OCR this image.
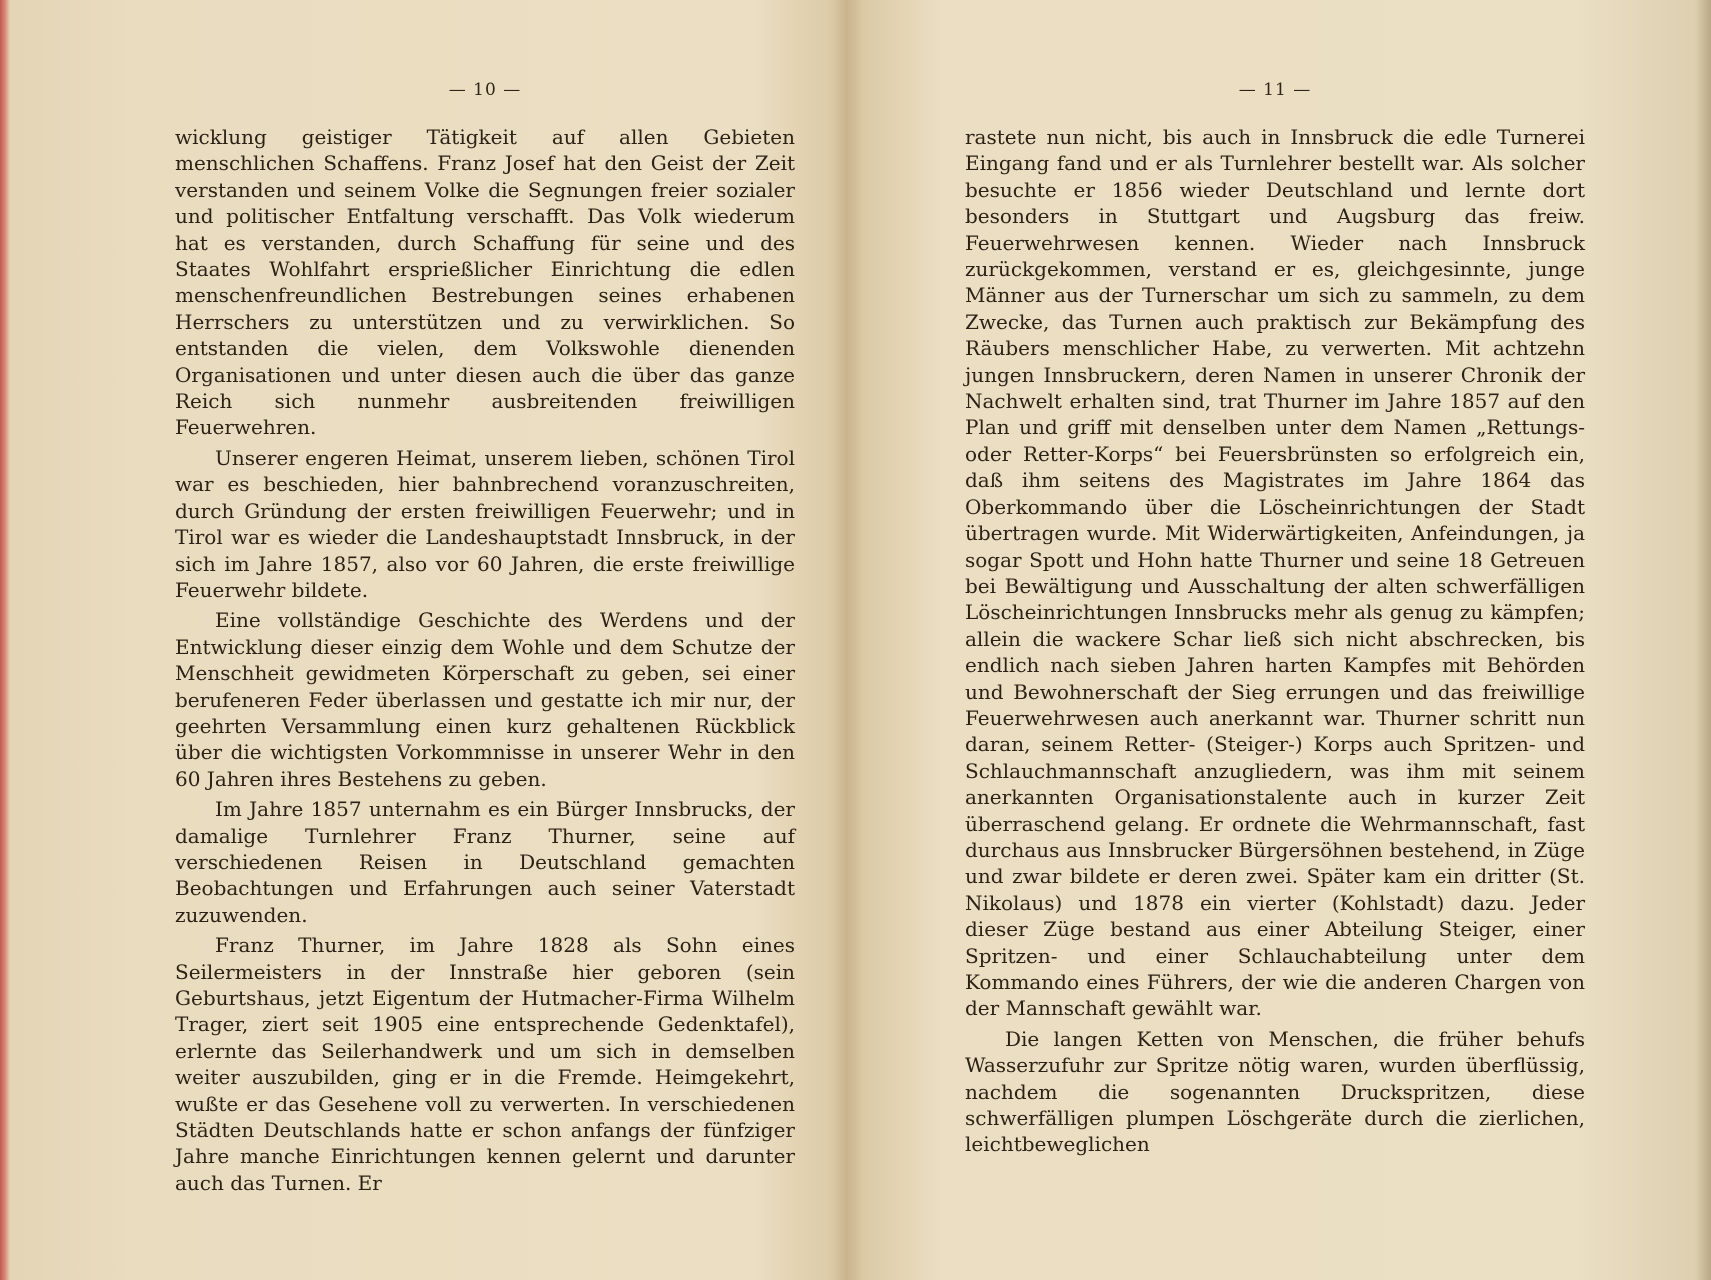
— 10 —

wicklung geistiger Tätigkeit auf allen Gebieten menschlichen Schaffens. Franz Josef hat den Geist der Zeit verstanden und seinem Volke die Segnungen freier sozialer und politischer Entfaltung verschafft. Das Volk wiederum hat es verstanden, durch Schaffung für seine und des Staates Wohlfahrt ersprießlicher Einrichtung die edlen menschenfreundlichen Bestrebungen seines erhabenen Herrschers zu unterstützen und zu verwirklichen. So entstanden die vielen, dem Volkswohle dienenden Organisationen und unter diesen auch die über das ganze Reich sich nunmehr ausbreitenden freiwilligen Feuerwehren.

Unserer engeren Heimat, unserem lieben, schönen Tirol war es beschieden, hier bahnbrechend voranzuschreiten, durch Gründung der ersten freiwilligen Feuerwehr; und in Tirol war es wieder die Landeshauptstadt Innsbruck, in der sich im Jahre 1857, also vor 60 Jahren, die erste freiwillige Feuerwehr bildete.

Eine vollständige Geschichte des Werdens und der Entwicklung dieser einzig dem Wohle und dem Schutze der Menschheit gewidmeten Körperschaft zu geben, sei einer berufeneren Feder überlassen und gestatte ich mir nur, der geehrten Versammlung einen kurz gehaltenen Rückblick über die wichtigsten Vorkommnisse in unserer Wehr in den 60 Jahren ihres Bestehens zu geben.

Im Jahre 1857 unternahm es ein Bürger Innsbrucks, der damalige Turnlehrer Franz Thurner, seine auf verschiedenen Reisen in Deutschland gemachten Beobachtungen und Erfahrungen auch seiner Vaterstadt zuzuwenden.

Franz Thurner, im Jahre 1828 als Sohn eines Seilermeisters in der Innstraße hier geboren (sein Geburtshaus, jetzt Eigentum der Hutmacher-Firma Wilhelm Trager, ziert seit 1905 eine entsprechende Gedenktafel), erlernte das Seilerhandwerk und um sich in demselben weiter auszubilden, ging er in die Fremde. Heimgekehrt, wußte er das Gesehene voll zu verwerten. In verschiedenen Städten Deutschlands hatte er schon anfangs der fünfziger Jahre manche Einrichtungen kennen gelernt und darunter auch das Turnen. Er

— 11 —

rastete nun nicht, bis auch in Innsbruck die edle Turnerei Eingang fand und er als Turnlehrer bestellt war. Als solcher besuchte er 1856 wieder Deutschland und lernte dort besonders in Stuttgart und Augsburg das freiw. Feuerwehrwesen kennen. Wieder nach Innsbruck zurückgekommen, verstand er es, gleichgesinnte, junge Männer aus der Turnerschar um sich zu sammeln, zu dem Zwecke, das Turnen auch praktisch zur Bekämpfung des Räubers menschlicher Habe, zu verwerten. Mit achtzehn jungen Innsbruckern, deren Namen in unserer Chronik der Nachwelt erhalten sind, trat Thurner im Jahre 1857 auf den Plan und griff mit denselben unter dem Namen „Rettungs- oder Retter-Korps“ bei Feuersbrünsten so erfolgreich ein, daß ihm seitens des Magistrates im Jahre 1864 das Oberkommando über die Löscheinrichtungen der Stadt übertragen wurde. Mit Widerwärtigkeiten, Anfeindungen, ja sogar Spott und Hohn hatte Thurner und seine 18 Getreuen bei Bewältigung und Ausschaltung der alten schwerfälligen Löscheinrichtungen Innsbrucks mehr als genug zu kämpfen; allein die wackere Schar ließ sich nicht abschrecken, bis endlich nach sieben Jahren harten Kampfes mit Behörden und Bewohnerschaft der Sieg errungen und das freiwillige Feuerwehrwesen auch anerkannt war. Thurner schritt nun daran, seinem Retter- (Steiger-) Korps auch Spritzen- und Schlauchmannschaft anzugliedern, was ihm mit seinem anerkannten Organisationstalente auch in kurzer Zeit überraschend gelang. Er ordnete die Wehrmannschaft, fast durchaus aus Innsbrucker Bürgersöhnen bestehend, in Züge und zwar bildete er deren zwei. Später kam ein dritter (St. Nikolaus) und 1878 ein vierter (Kohlstadt) dazu. Jeder dieser Züge bestand aus einer Abteilung Steiger, einer Spritzen- und einer Schlauchabteilung unter dem Kommando eines Führers, der wie die anderen Chargen von der Mannschaft gewählt war.

Die langen Ketten von Menschen, die früher behufs Wasserzufuhr zur Spritze nötig waren, wurden überflüssig, nachdem die sogenannten Druckspritzen, diese schwerfälligen plumpen Löschgeräte durch die zierlichen, leichtbeweglichen
